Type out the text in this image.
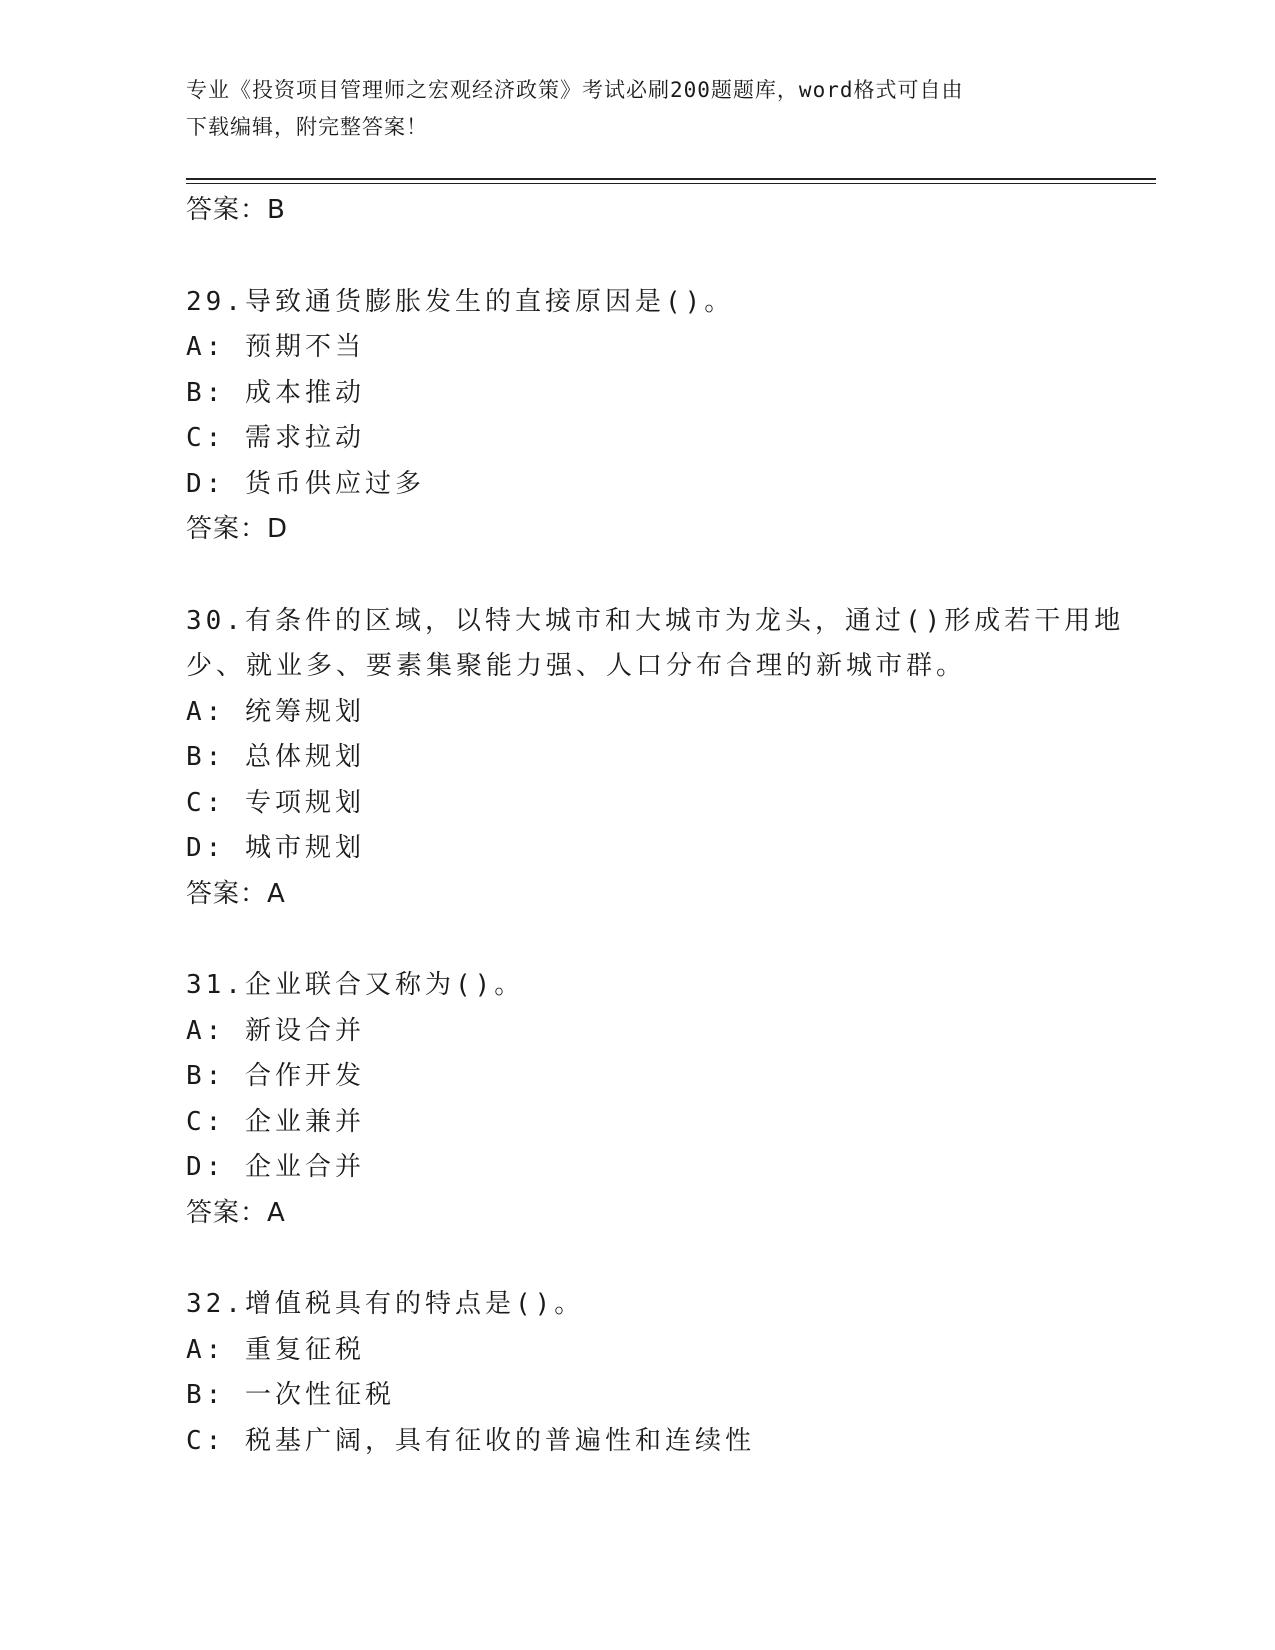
专业《投资项目管理师之宏观经济政策》考试必刷200题题库，word格式可自由
下载编辑，附完整答案！
答案：B
29.导致通货膨胀发生的直接原因是()。
A: 预期不当
B: 成本推动
C: 需求拉动
D: 货币供应过多
答案：D
30.有条件的区域，以特大城市和大城市为龙头，通过()形成若干用地
少、就业多、要素集聚能力强、人口分布合理的新城市群。
A: 统筹规划
B: 总体规划
C: 专项规划
D: 城市规划
答案：A
31.企业联合又称为()。
A: 新设合并
B: 合作开发
C: 企业兼并
D: 企业合并
答案：A
32.增值税具有的特点是()。
A: 重复征税
B: 一次性征税
C: 税基广阔，具有征收的普遍性和连续性
